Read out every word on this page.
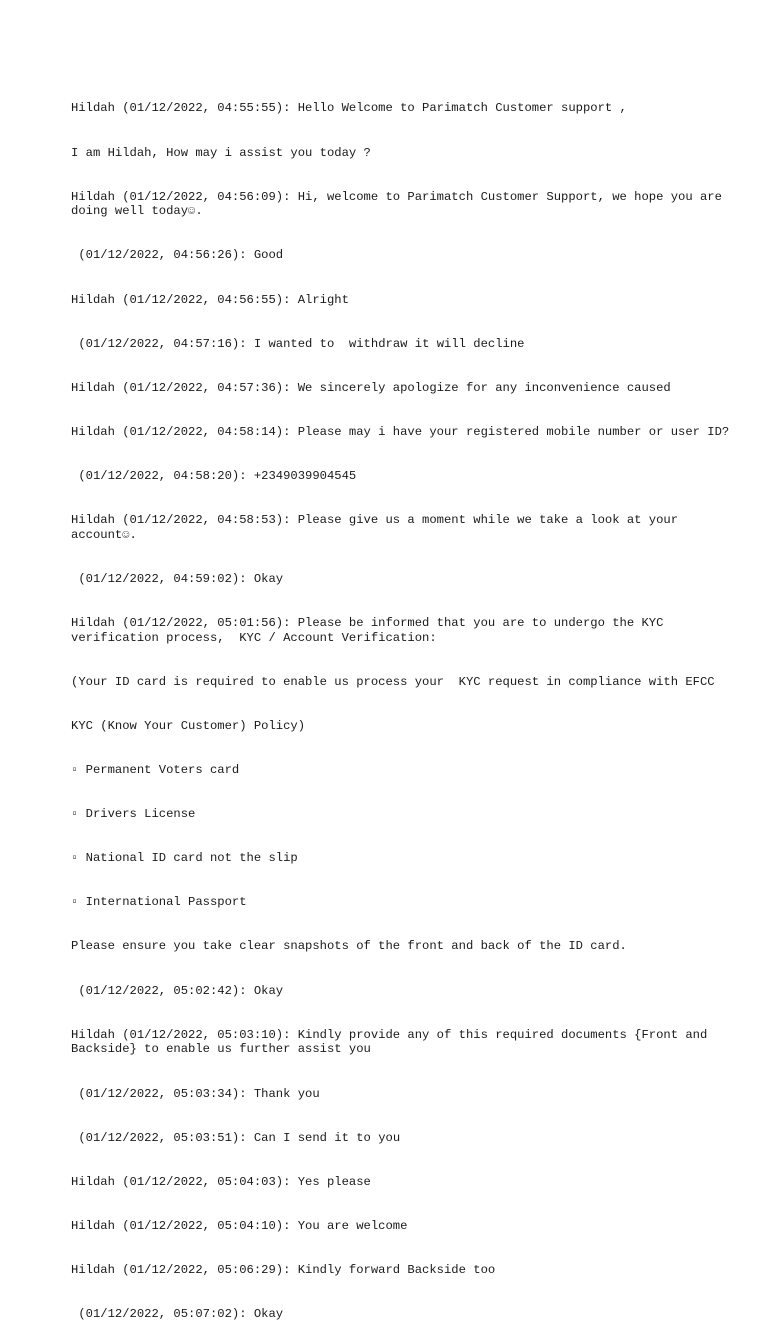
Hildah (01/12/2022, 04:55:55): Hello Welcome to Parimatch Customer support ,

I am Hildah, How may i assist you today ?

Hildah (01/12/2022, 04:56:09): Hi, welcome to Parimatch Customer Support, we hope you are doing well today☺.

(01/12/2022, 04:56:26): Good

Hildah (01/12/2022, 04:56:55): Alright

(01/12/2022, 04:57:16): I wanted to  withdraw it will decline

Hildah (01/12/2022, 04:57:36): We sincerely apologize for any inconvenience caused

Hildah (01/12/2022, 04:58:14): Please may i have your registered mobile number or user ID?

(01/12/2022, 04:58:20): +2349039904545

Hildah (01/12/2022, 04:58:53): Please give us a moment while we take a look at your account☺.

(01/12/2022, 04:59:02): Okay

Hildah (01/12/2022, 05:01:56): Please be informed that you are to undergo the KYC verification process,  KYC / Account Verification:

(Your ID card is required to enable us process your  KYC request in compliance with EFCC

KYC (Know Your Customer) Policy)

▫ Permanent Voters card

▫ Drivers License

▫ National ID card not the slip

▫ International Passport

Please ensure you take clear snapshots of the front and back of the ID card.

(01/12/2022, 05:02:42): Okay

Hildah (01/12/2022, 05:03:10): Kindly provide any of this required documents {Front and Backside} to enable us further assist you

(01/12/2022, 05:03:34): Thank you

(01/12/2022, 05:03:51): Can I send it to you

Hildah (01/12/2022, 05:04:03): Yes please

Hildah (01/12/2022, 05:04:10): You are welcome

Hildah (01/12/2022, 05:06:29): Kindly forward Backside too

(01/12/2022, 05:07:02): Okay
